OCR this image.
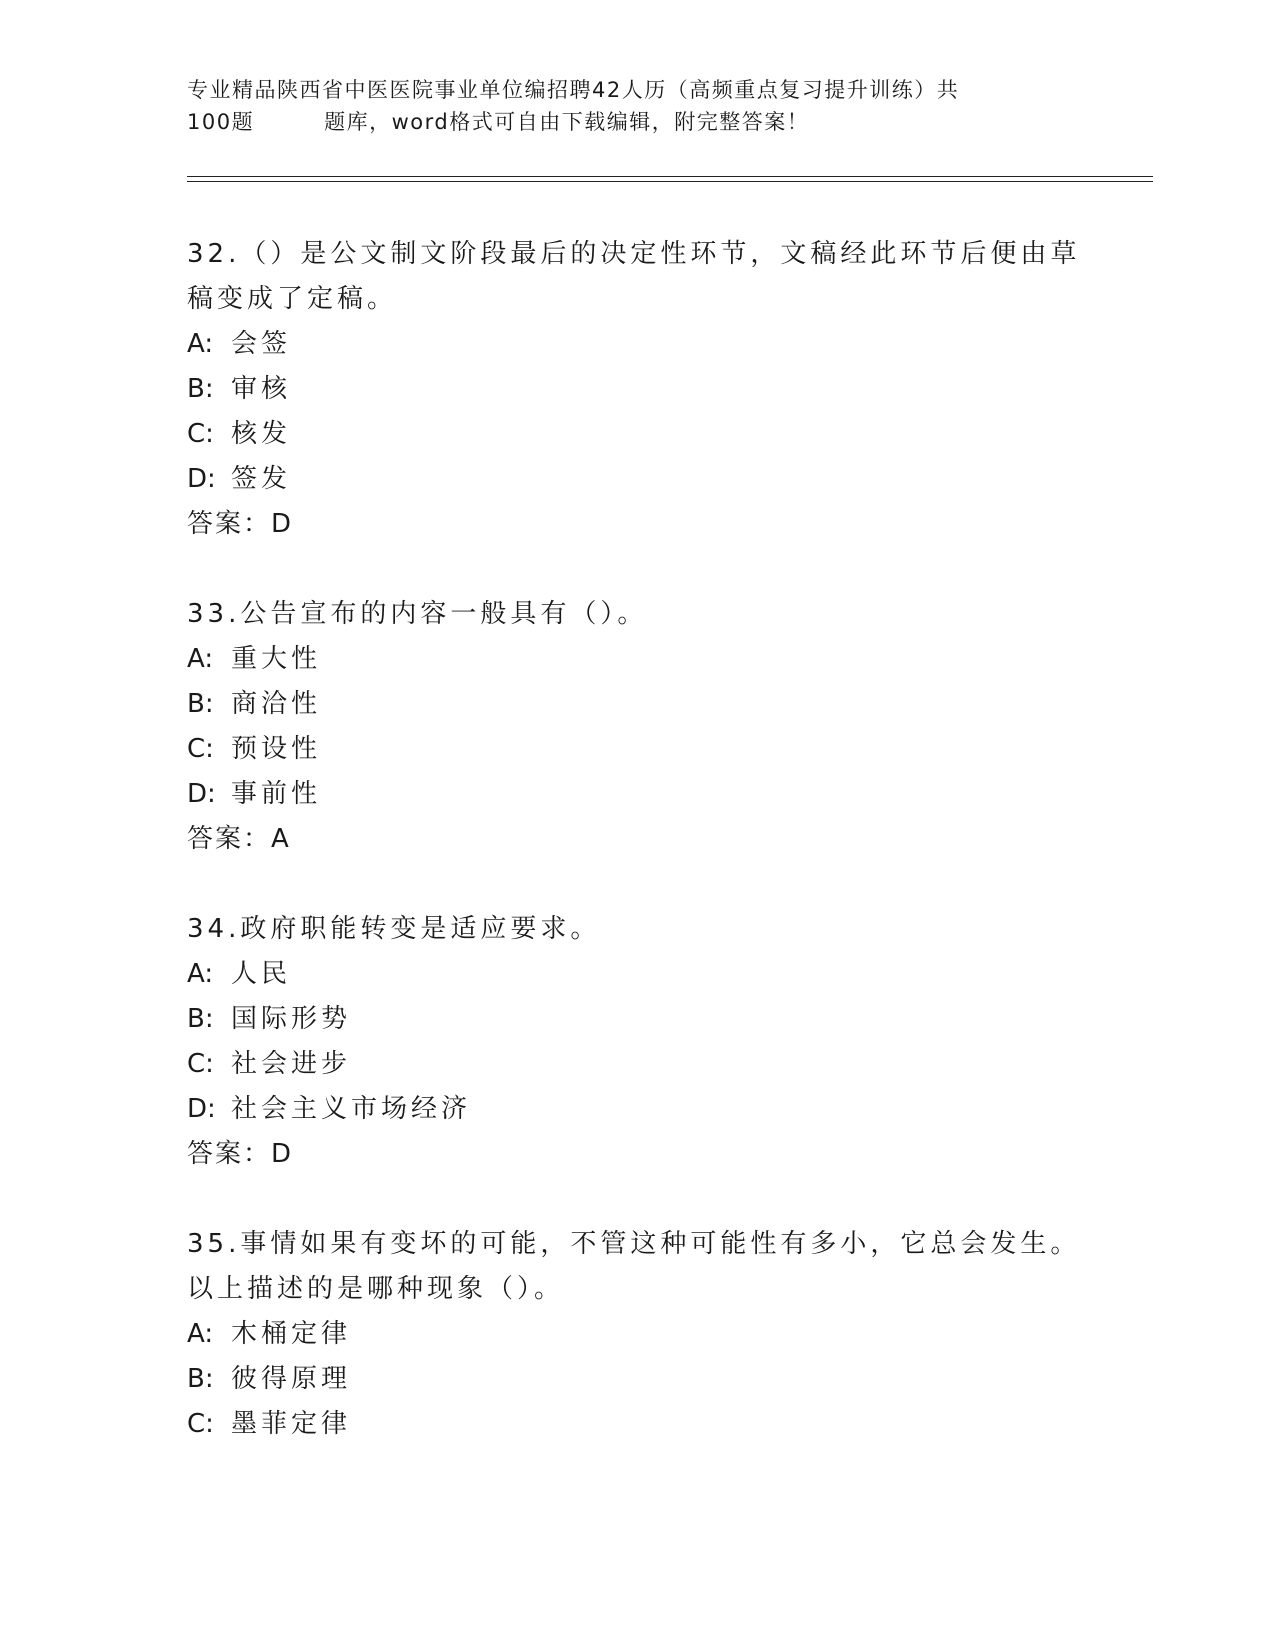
专业精品陕西省中医医院事业单位编招聘42人历（高频重点复习提升训练）共
100题	题库，word格式可自由下载编辑，附完整答案！
32.（）是公文制文阶段最后的决定性环节，文稿经此环节后便由草稿变成了定稿。
A: 会签
B: 审核
C: 核发
D: 签发
答案：D
33.公告宣布的内容一般具有（）。
A: 重大性
B: 商洽性
C: 预设性
D: 事前性
答案：A
34.政府职能转变是适应要求。
A: 人民
B: 国际形势
C: 社会进步
D: 社会主义市场经济
答案：D
35.事情如果有变坏的可能，不管这种可能性有多小，它总会发生。以上描述的是哪种现象（）。
A: 木桶定律
B: 彼得原理
C: 墨菲定律
